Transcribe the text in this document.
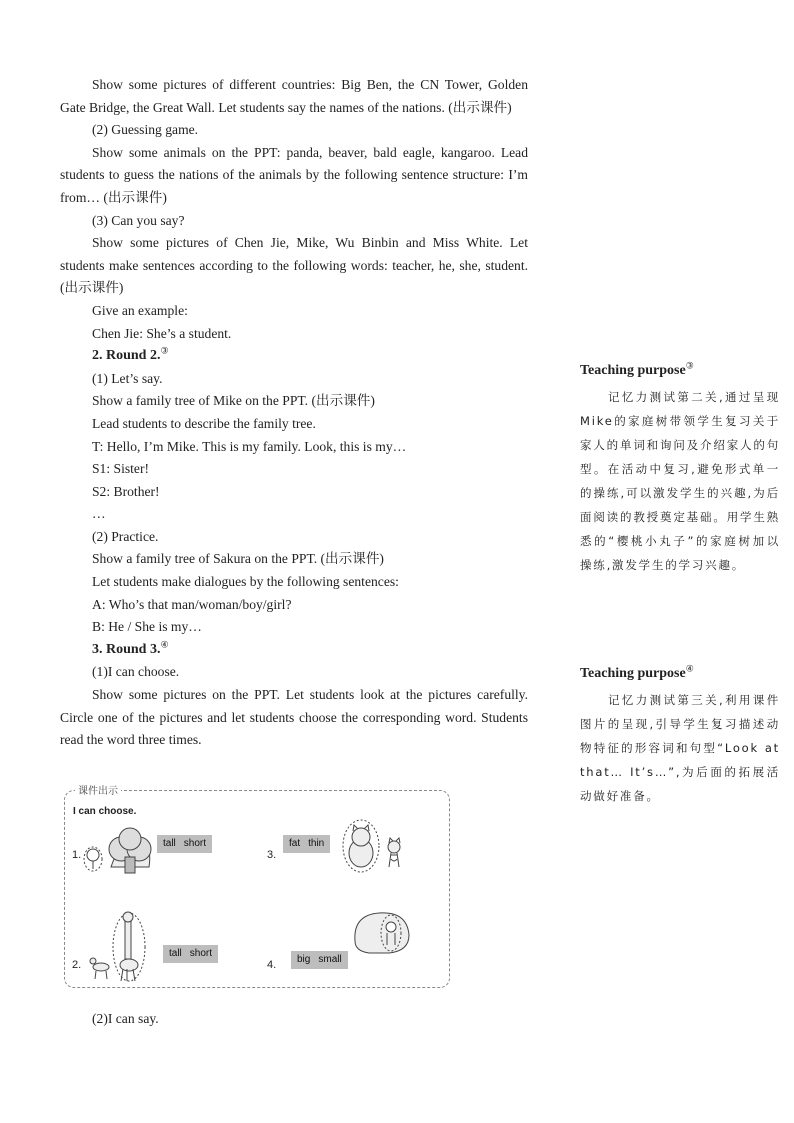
Show some pictures of different countries: Big Ben, the CN Tower, Golden Gate Bridge, the Great Wall. Let students say the names of the nations. (出示课件)

(2) Guessing game.

Show some animals on the PPT: panda, beaver, bald eagle, kangaroo. Lead students to guess the nations of the animals by the following sentence structure: I’m from… (出示课件)

(3) Can you say?

Show some pictures of Chen Jie, Mike, Wu Binbin and Miss White. Let students make sentences according to the following words: teacher, he, she, student. (出示课件)

Give an example:

Chen Jie: She’s a student.

2. Round 2.③

(1) Let’s say.

Show a family tree of Mike on the PPT. (出示课件)

Lead students to describe the family tree.

T: Hello, I’m Mike. This is my family. Look, this is my…

S1: Sister!

S2: Brother!

…

(2) Practice.

Show a family tree of Sakura on the PPT. (出示课件)

Let students make dialogues by the following sentences:

A: Who’s that man/woman/boy/girl?

B: He / She is my…

3. Round 3.④

(1)I can choose.

Show some pictures on the PPT. Let students look at the pictures carefully. Circle one of the pictures and let students choose the corresponding word. Students read the word three times.

课件出示
I can choose.
1.
tall short
3.
fat thin
2.
tall short
4.	big small

(2)I can say.

Teaching purpose③

记忆力测试第二关,通过呈现Mike的家庭树带领学生复习关于家人的单词和询问及介绍家人的句型。在活动中复习,避免形式单一的操练,可以激发学生的兴趣,为后面阅读的教授奠定基础。用学生熟悉的“樱桃小丸子”的家庭树加以操练,激发学生的学习兴趣。

Teaching purpose④

记忆力测试第三关,利用课件图片的呈现,引导学生复习描述动物特征的形容词和句型“Look at that… It’s…”,为后面的拓展活动做好准备。
